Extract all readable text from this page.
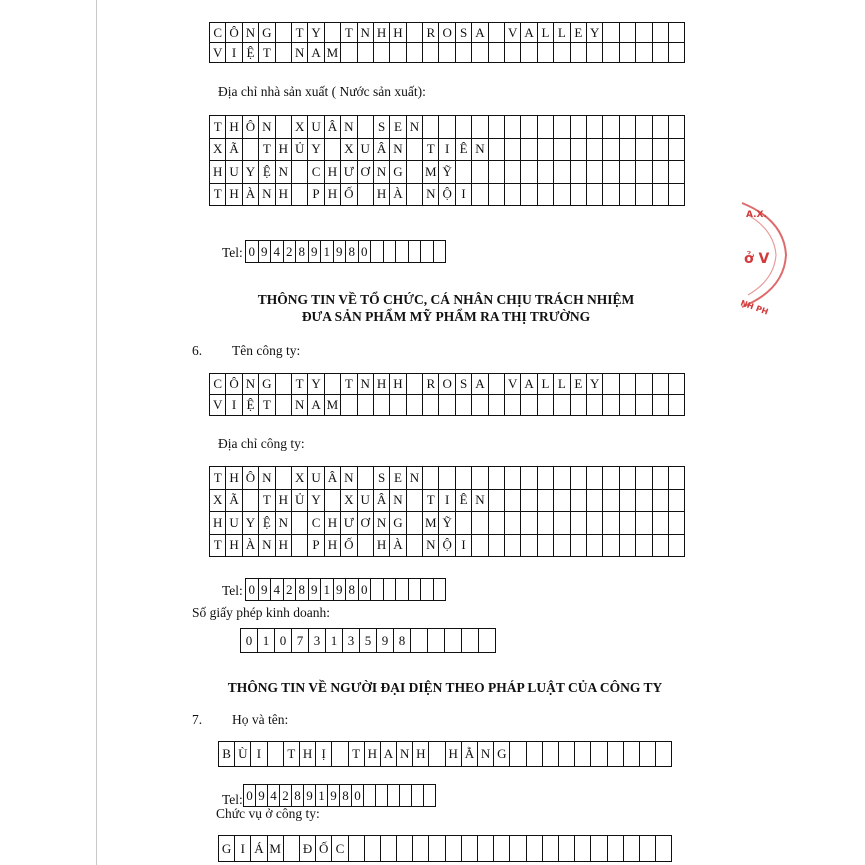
C Ô N G	T Y	T N H H	R O S A	V A L L E Y
V I Ệ T	N A M
Địa chỉ nhà sản xuất ( Nước sản xuất):
T H Ô N	X U Â N	S E N
X Ã	T H Ủ Y	X U Â N	T I Ê N
H U Y Ệ N	C H Ư Ơ N G	M Ỹ
T H À N H	P H Ố	H À	N Ộ I
Tel: 0 9 4 2 8 9 1 9 8 0
THÔNG TIN VỀ TỔ CHỨC, CÁ NHÂN CHỊU TRÁCH NHIỆM
ĐƯA SẢN PHẨM MỸ PHẨM RA THỊ TRƯỜNG
6. Tên công ty:
C Ô N G	T Y	T N H H	R O S A	V A L L E Y
V I Ệ T	N A M
Địa chỉ công ty:
T H Ô N	X U Â N	S E N
X Ã	T H Ủ Y	X U Â N	T I Ê N
H U Y Ệ N	C H Ư Ơ N G	M Ỹ
T H À N H	P H Ố	H À	N Ộ I
Tel: 0 9 4 2 8 9 1 9 8 0
Số giấy phép kinh doanh:
0 1 0 7 3 1 3 5 9 8
THÔNG TIN VỀ NGƯỜI ĐẠI DIỆN THEO PHÁP LUẬT CỦA CÔNG TY
7. Họ và tên:
B Ù I	T H Ị	T H A N H	H Ằ N G
Tel: 0 9 4 2 8 9 1 9 8 0
Chức vụ ở công ty:
G I Á M Đ Ố C
A.X.
ở V
NH PH
